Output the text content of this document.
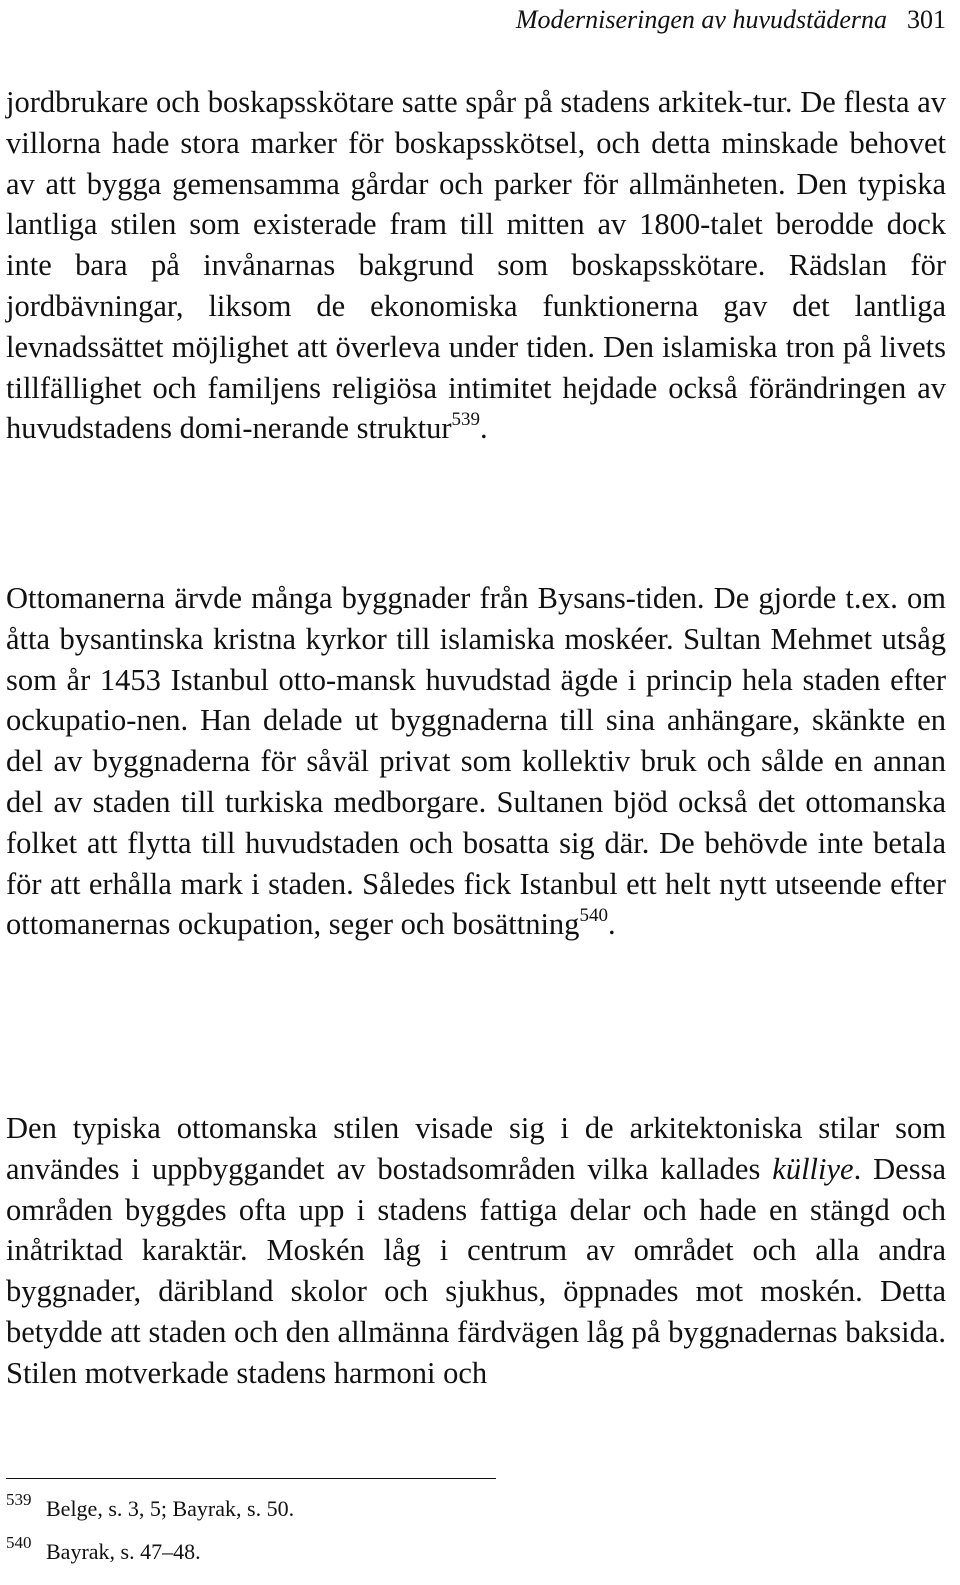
Moderniseringen av huvudstäderna 301

jordbrukare och boskapsskötare satte spår på stadens arkitek-tur. De flesta av villorna hade stora marker för boskapsskötsel, och detta minskade behovet av att bygga gemensamma gårdar och parker för allmänheten. Den typiska lantliga stilen som existerade fram till mitten av 1800-talet berodde dock inte bara på invånarnas bakgrund som boskapsskötare. Rädslan för jordbävningar, liksom de ekonomiska funktionerna gav det lantliga levnadssättet möjlighet att överleva under tiden. Den islamiska tron på livets tillfällighet och familjens religiösa intimitet hejdade också förändringen av huvudstadens domi-nerande struktur$^{539}$.

Ottomanerna ärvde många byggnader från Bysans-tiden. De gjorde t.ex. om åtta bysantinska kristna kyrkor till islamiska moskéer. Sultan Mehmet utsåg som år 1453 Istanbul otto-mansk huvudstad ägde i princip hela staden efter ockupatio-nen. Han delade ut byggnaderna till sina anhängare, skänkte en del av byggnaderna för såväl privat som kollektiv bruk och sålde en annan del av staden till turkiska medborgare. Sultanen bjöd också det ottomanska folket att flytta till huvudstaden och bosatta sig där. De behövde inte betala för att erhålla mark i staden. Således fick Istanbul ett helt nytt utseende efter ottomanernas ockupation, seger och bosättning$^{540}$.

Den typiska ottomanska stilen visade sig i de arkitektoniska stilar som användes i uppbyggandet av bostadsområden vilka kallades külliye. Dessa områden byggdes ofta upp i stadens fattiga delar och hade en stängd och inåtriktad karaktär. Moskén låg i centrum av området och alla andra byggnader, däribland skolor och sjukhus, öppnades mot moskén. Detta betydde att staden och den allmänna färdvägen låg på byggnadernas baksida. Stilen motverkade stadens harmoni och

539 Belge, s. 3, 5; Bayrak, s. 50.
540 Bayrak, s. 47–48.
